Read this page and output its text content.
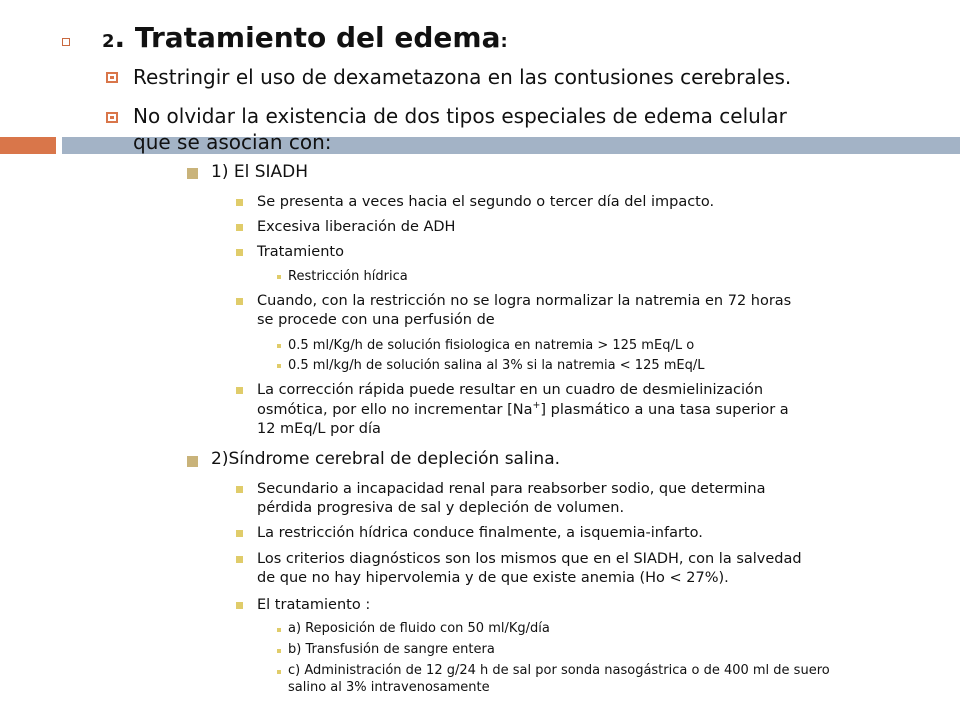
2. Tratamiento del edema:
Restringir el uso de dexametazona en las contusiones cerebrales.
No olvidar la existencia de dos tipos especiales de edema celular
que se asocian con:
1) El SIADH
Se presenta a veces hacia el segundo o tercer día del impacto.
Excesiva liberación de ADH
Tratamiento
Restricción hídrica
Cuando, con la restricción no se logra normalizar la natremia en 72 horas
se procede con una perfusión de
0.5 ml/Kg/h de solución fisiologica en natremia > 125 mEq/L o
0.5 ml/kg/h de solución salina al 3% si la natremia < 125 mEq/L
La corrección rápida puede resultar en un cuadro de desmielinización
osmótica, por ello no incrementar [Na+] plasmático a una tasa superior a
12 mEq/L por día
2)Síndrome cerebral de depleción salina.
Secundario a incapacidad renal para reabsorber sodio, que determina
pérdida progresiva de sal y depleción de volumen.
La restricción hídrica conduce finalmente, a isquemia-infarto.
Los criterios diagnósticos son los mismos que en el SIADH, con la salvedad
de que no hay hipervolemia y de que existe anemia (Ho < 27%).
El tratamiento :
a) Reposición de fluido con 50 ml/Kg/día
b) Transfusión de sangre entera
c) Administración de 12 g/24 h de sal por sonda nasogástrica o de 400 ml de suero
salino al 3% intravenosamente
